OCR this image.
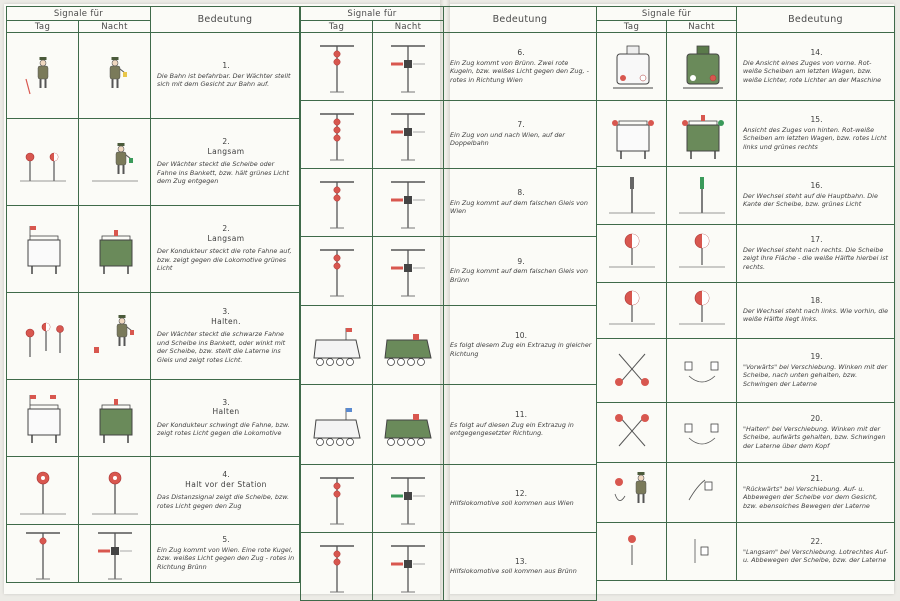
Signale für		Bedeutung
Tag	Nacht	

1.
Die Bahn ist befahrbar. Der Wächter stellt sich mit dem Gesicht zur Bahn auf.

2.
Langsam
Der Wächter steckt die Scheibe oder Fahne ins Bankett, bzw. hält grünes Licht dem Zug entgegen

2.
Langsam
Der Kondukteur steckt die rote Fahne auf, bzw. zeigt gegen die Lokomotive grünes Licht

3.
Halten.
Der Wächter steckt die schwarze Fahne und Scheibe ins Bankett, oder winkt mit der Scheibe, bzw. stellt die Laterne ins Gleis und zeigt rotes Licht.

3.
Halten
Der Kondukteur schwingt die Fahne, bzw. zeigt rotes Licht gegen die Lokomotive

4.
Halt vor der Station
Das Distanzsignal zeigt die Scheibe, bzw. rotes Licht gegen den Zug

5.
Ein Zug kommt von Wien. Eine rote Kugel, bzw. weißes Licht gegen den Zug - rotes in Richtung Brünn
Signale für		Bedeutung
Tag	Nacht	

6.
Ein Zug kommt von Brünn. Zwei rote Kugeln, bzw. weißes Licht gegen den Zug, - rotes in Richtung Wien

7.
Ein Zug von und nach Wien, auf der Doppelbahn

8.
Ein Zug kommt auf dem falschen Gleis von Wien

9.
Ein Zug kommt auf dem falschen Gleis von Brünn

10.
Es folgt diesem Zug ein Extrazug in gleicher Richtung

11.
Es folgt auf diesen Zug ein Extrazug in entgegengesetzter Richtung.

12.
Hilfslokomotive soll kommen aus Wien

13.
Hilfslokomotive soll kommen aus Brünn
Signale für		Bedeutung
Tag	Nacht	

14.
Die Ansicht eines Zuges von vorne. Rot-weiße Scheiben am letzten Wagen, bzw. weiße Lichter, rote Lichter an der Maschine

15.
Ansicht des Zuges von hinten. Rot-weiße Scheiben am letzten Wagen, bzw. rotes Licht links und grünes rechts

16.
Der Wechsel steht auf die Hauptbahn. Die Kante der Scheibe, bzw. grünes Licht

17.
Der Wechsel steht nach rechts. Die Scheibe zeigt ihre Fläche - die weiße Hälfte hierbei ist rechts.

18.
Der Wechsel steht nach links. Wie vorhin, die weiße Hälfte liegt links.

19.
"Vorwärts" bei Verschiebung. Winken mit der Scheibe, nach unten gehalten, bzw. Schwingen der Laterne

20.
"Halten" bei Verschiebung. Winken mit der Scheibe, aufwärts gehalten, bzw. Schwingen der Laterne über dem Kopf

21.
"Rückwärts" bei Verschiebung. Auf- u. Abbewegen der Scheibe vor dem Gesicht, bzw. ebensolches Bewegen der Laterne

22.
"Langsam" bei Verschiebung. Lotrechtes Auf- u. Abbewegen der Scheibe, bzw. der Laterne
